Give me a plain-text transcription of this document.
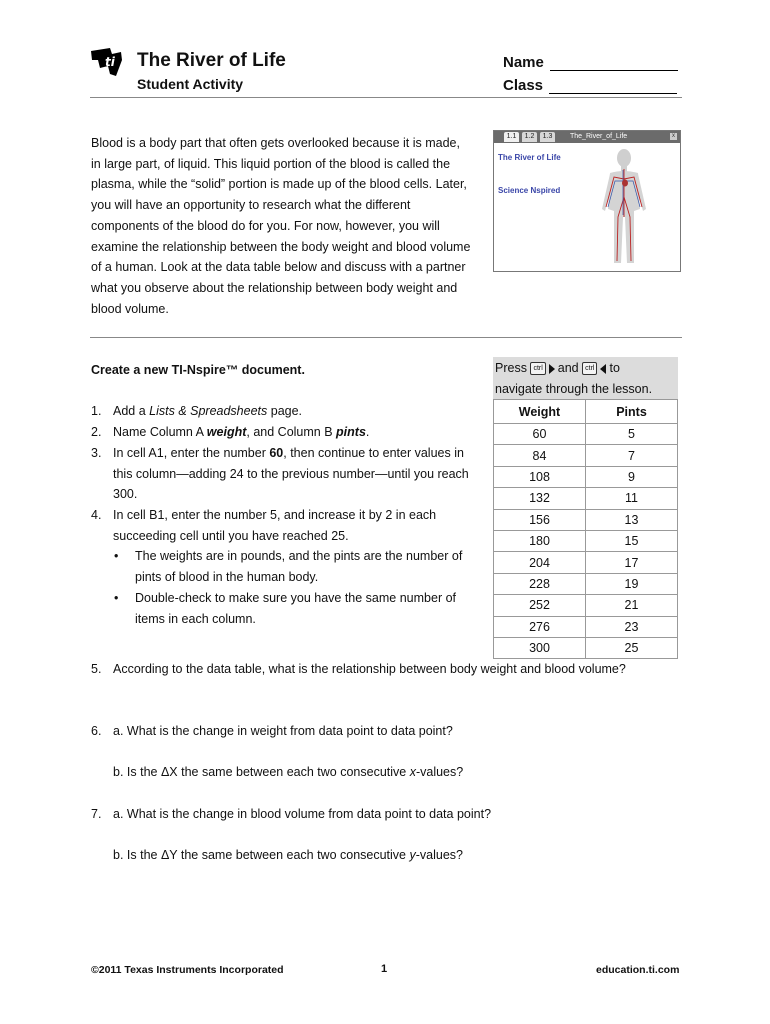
ti The River of Life
Student Activity
Name
Class
Blood is a body part that often gets overlooked because it is made, in large part, of liquid. This liquid portion of the blood is called the plasma, while the “solid” portion is made up of the blood cells. Later, you will have an opportunity to research what the different components of the blood do for you. For now, however, you will examine the relationship between the body weight and blood volume of a human. Look at the data table below and discuss with a partner what you observe about the relationship between body weight and blood volume.
1.1	1.2	1.3	The_River_of_Life	x
The River of Life
Science Nspired
Create a new TI-Nspire™ document.
1. Add a Lists & Spreadsheets page.
2. Name Column A weight, and Column B pints.
3. In cell A1, enter the number 60, then continue to enter values in this column—adding 24 to the previous number—until you reach 300.
4. In cell B1, enter the number 5, and increase it by 2 in each succeeding cell until you have reached 25.
• The weights are in pounds, and the pints are the number of pints of blood in the human body.
• Double-check to make sure you have the same number of items in each column.
Press ctrl and ctrl to
navigate through the lesson.
Weight	Pints
60	5
84	7
108	9
132	11
156	13
180	15
204	17
228	19
252	21
276	23
300	25
5. According to the data table, what is the relationship between body weight and blood volume?
6. a. What is the change in weight from data point to data point?
b. Is the ΔX the same between each two consecutive x-values?
7. a. What is the change in blood volume from data point to data point?
b. Is the ΔY the same between each two consecutive y-values?
©2011 Texas Instruments Incorporated	1	education.ti.com
